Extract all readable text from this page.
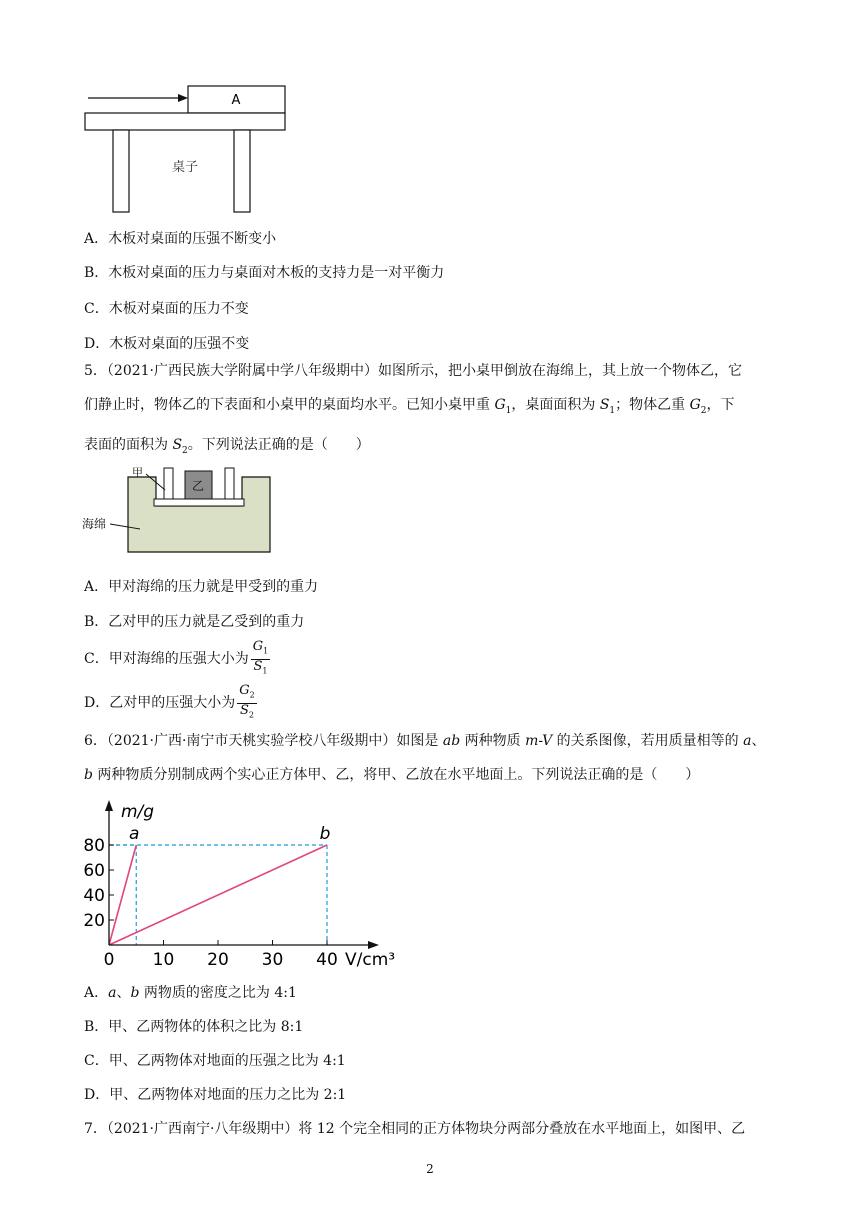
A
桌子
A．木板对桌面的压强不断变小
B．木板对桌面的压力与桌面对木板的支持力是一对平衡力
C．木板对桌面的压力不变
D．木板对桌面的压强不变
5．（2021·广西民族大学附属中学八年级期中）如图所示，把小桌甲倒放在海绵上，其上放一个物体乙，它
们静止时，物体乙的下表面和小桌甲的桌面均水平。已知小桌甲重 $G_1$，桌面面积为 $S_1$；物体乙重 $G_2$，下
表面的面积为 $S_2$。下列说法正确的是（　　）
乙
甲
海绵
A．甲对海绵的压力就是甲受到的重力
B．乙对甲的压力就是乙受到的重力
C．甲对海绵的压强大小为 $\frac{G_1}{S_1}$
D．乙对甲的压强大小为 $\frac{G_2}{S_2}$
6．（2021·广西·南宁市天桃实验学校八年级期中）如图是 ab 两种物质 m-V 的关系图像，若用质量相等的 a、
b 两种物质分别制成两个实心正方体甲、乙，将甲、乙放在水平地面上。下列说法正确的是（　　）
a	b
m/g
V/cm³
0 10 20 30 40
20
40
60
80
A．a、b 两物质的密度之比为 4:1
B．甲、乙两物体的体积之比为 8:1
C．甲、乙两物体对地面的压强之比为 4:1
D．甲、乙两物体对地面的压力之比为 2:1
7．（2021·广西南宁·八年级期中）将 12 个完全相同的正方体物块分两部分叠放在水平地面上，如图甲、乙
2
